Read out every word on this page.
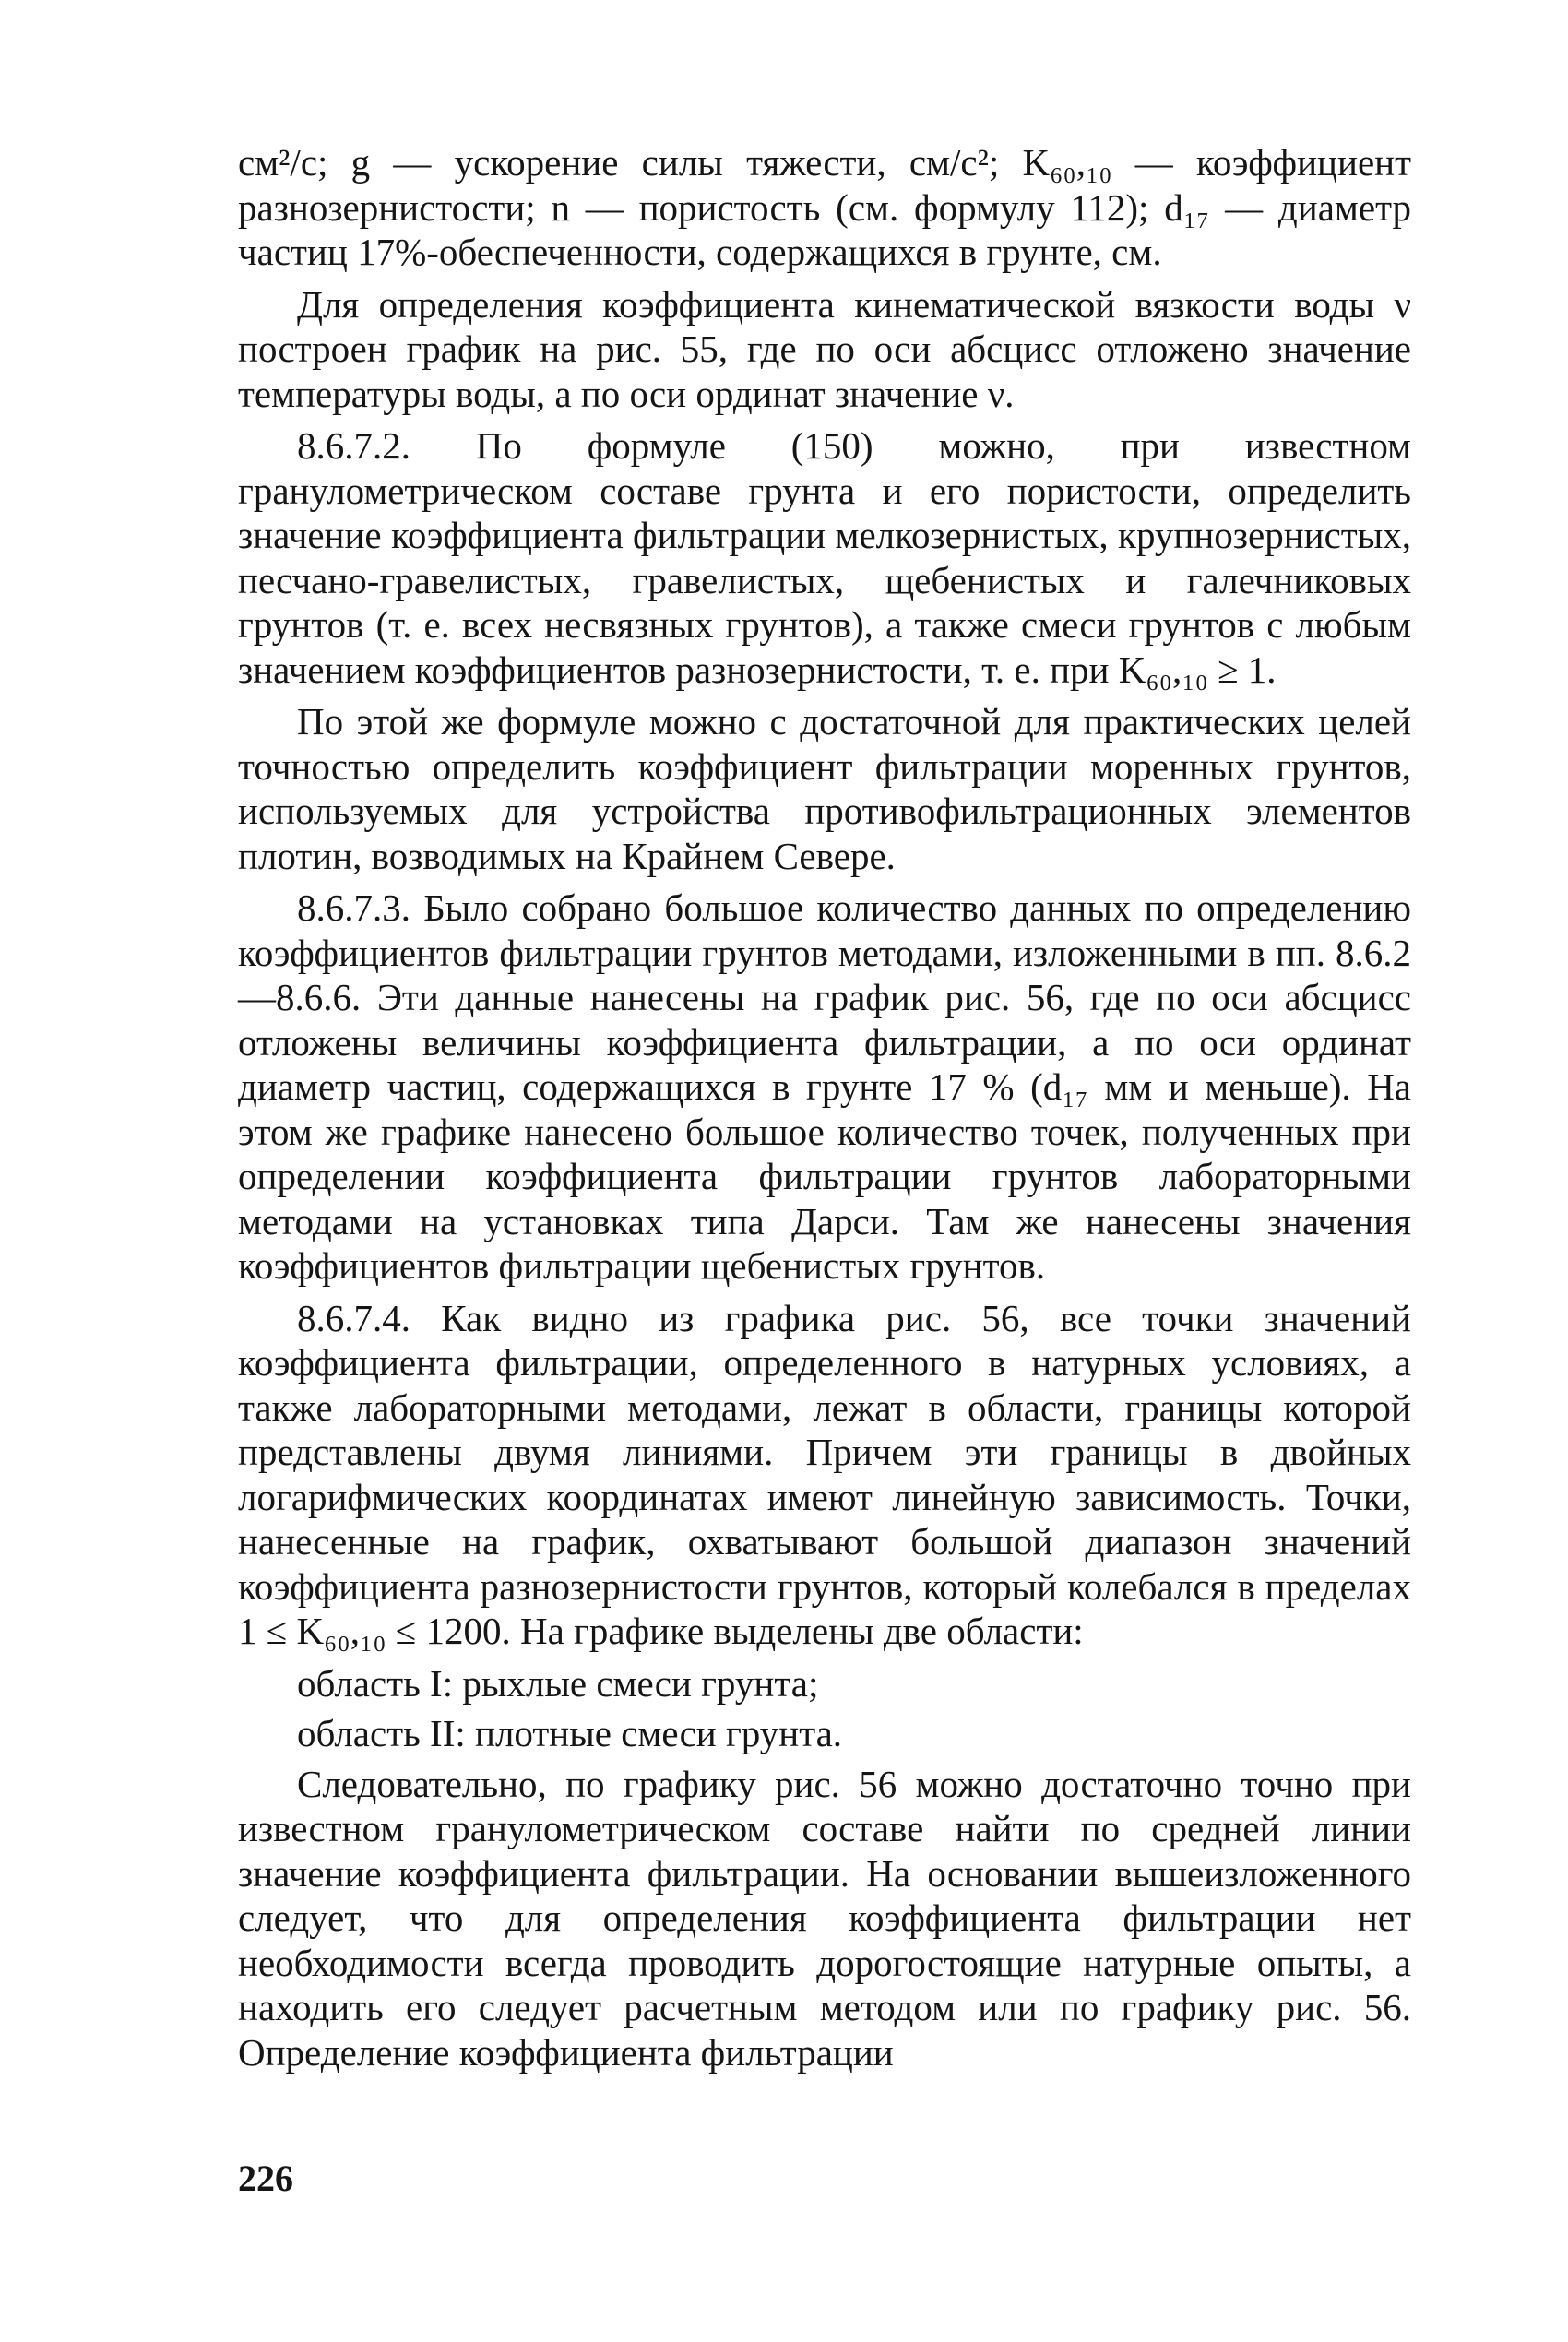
см²/с; g — ускорение силы тяжести, см/с²; K₆₀,₁₀ — коэффициент разнозернистости; n — пористость (см. формулу 112); d₁₇ — диаметр частиц 17%-обеспеченности, содержащихся в грунте, см.

Для определения коэффициента кинематической вязкости воды ν построен график на рис. 55, где по оси абсцисс отложено значение температуры воды, а по оси ординат значение ν.

8.6.7.2. По формуле (150) можно, при известном гранулометрическом составе грунта и его пористости, определить значение коэффициента фильтрации мелкозернистых, крупнозернистых, песчано-гравелистых, гравелистых, щебенистых и галечниковых грунтов (т. е. всех несвязных грунтов), а также смеси грунтов с любым значением коэффициентов разнозернистости, т. е. при K₆₀,₁₀ ≥ 1.

По этой же формуле можно с достаточной для практических целей точностью определить коэффициент фильтрации моренных грунтов, используемых для устройства противофильтрационных элементов плотин, возводимых на Крайнем Севере.

8.6.7.3. Было собрано большое количество данных по определению коэффициентов фильтрации грунтов методами, изложенными в пп. 8.6.2—8.6.6. Эти данные нанесены на график рис. 56, где по оси абсцисс отложены величины коэффициента фильтрации, а по оси ординат диаметр частиц, содержащихся в грунте 17 % (d₁₇ мм и меньше). На этом же графике нанесено большое количество точек, полученных при определении коэффициента фильтрации грунтов лабораторными методами на установках типа Дарси. Там же нанесены значения коэффициентов фильтрации щебенистых грунтов.

8.6.7.4. Как видно из графика рис. 56, все точки значений коэффициента фильтрации, определенного в натурных условиях, а также лабораторными методами, лежат в области, границы которой представлены двумя линиями. Причем эти границы в двойных логарифмических координатах имеют линейную зависимость. Точки, нанесенные на график, охватывают большой диапазон значений коэффициента разнозернистости грунтов, который колебался в пределах 1 ≤ K₆₀,₁₀ ≤ 1200. На графике выделены две области:

область I: рыхлые смеси грунта;

область II: плотные смеси грунта.

Следовательно, по графику рис. 56 можно достаточно точно при известном гранулометрическом составе найти по средней линии значение коэффициента фильтрации. На основании вышеизложенного следует, что для определения коэффициента фильтрации нет необходимости всегда проводить дорогостоящие натурные опыты, а находить его следует расчетным методом или по графику рис. 56. Определение коэффициента фильтрации

226
